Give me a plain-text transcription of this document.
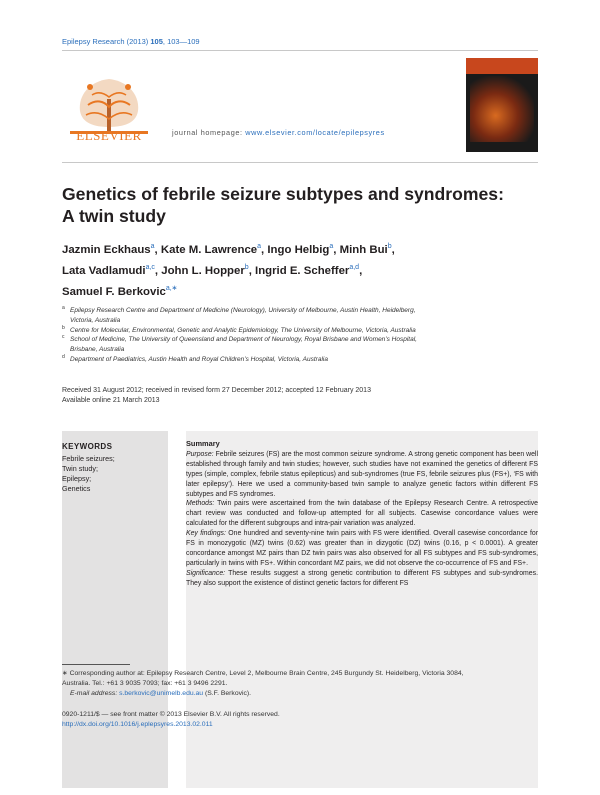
Epilepsy Research (2013) 105, 103—109
ELSEVIER	journal homepage: www.elsevier.com/locate/epilepsyres
Genetics of febrile seizure subtypes and syndromes:
A twin study
Jazmin Eckhaus$^a$, Kate M. Lawrence$^a$, Ingo Helbig$^a$, Minh Bui$^b$,
Lata Vadlamudi$^{a,c}$, John L. Hopper$^b$, Ingrid E. Scheffer$^{a,d}$,
Samuel F. Berkovic$^{a,∗}$
a Epilepsy Research Centre and Department of Medicine (Neurology), University of Melbourne, Austin Health, Heidelberg,
Victoria, Australia
b Centre for Molecular, Environmental, Genetic and Analytic Epidemiology, The University of Melbourne, Victoria, Australia
c School of Medicine, The University of Queensland and Department of Neurology, Royal Brisbane and Women’s Hospital,
Brisbane, Australia
d Department of Paediatrics, Austin Health and Royal Children’s Hospital, Victoria, Australia
Received 31 August 2012; received in revised form 27 December 2012; accepted 12 February 2013
Available online 21 March 2013
KEYWORDS
Febrile seizures;
Twin study;
Epilepsy;
Genetics
Summary
Purpose: Febrile seizures (FS) are the most common seizure syndrome. A strong genetic component has been well established through family and twin studies; however, such studies have not examined the genetics of different FS types (simple, complex, febrile status epilepticus) and sub-syndromes (true FS, febrile seizures plus (FS+), ‘FS with later epilepsy’). Here we used a community-based twin sample to analyze genetic factors within different FS subtypes and FS syndromes.
Methods: Twin pairs were ascertained from the twin database of the Epilepsy Research Centre. A retrospective chart review was conducted and follow-up attempted for all subjects. Casewise concordance values were calculated for the different subgroups and intra-pair variation was analyzed.
Key findings: One hundred and seventy-nine twin pairs with FS were identified. Overall casewise concordance for FS in monozygotic (MZ) twins (0.62) was greater than in dizygotic (DZ) twins (0.16, p < 0.0001). A greater concordance amongst MZ pairs than DZ twin pairs was also observed for all FS subtypes and FS sub-syndromes, particularly in twins with FS+. Within concordant MZ pairs, we did not observe the co-occurrence of FS and FS+.
Significance: These results suggest a strong genetic contribution to different FS subtypes and sub-syndromes. They also support the existence of distinct genetic factors for different FS
∗ Corresponding author at: Epilepsy Research Centre, Level 2, Melbourne Brain Centre, 245 Burgundy St. Heidelberg, Victoria 3084,
Australia. Tel.: +61 3 9035 7093; fax: +61 3 9496 2291.
E-mail address: s.berkovic@unimelb.edu.au (S.F. Berkovic).
0920-1211/$ — see front matter © 2013 Elsevier B.V. All rights reserved.
http://dx.doi.org/10.1016/j.eplepsyres.2013.02.011
